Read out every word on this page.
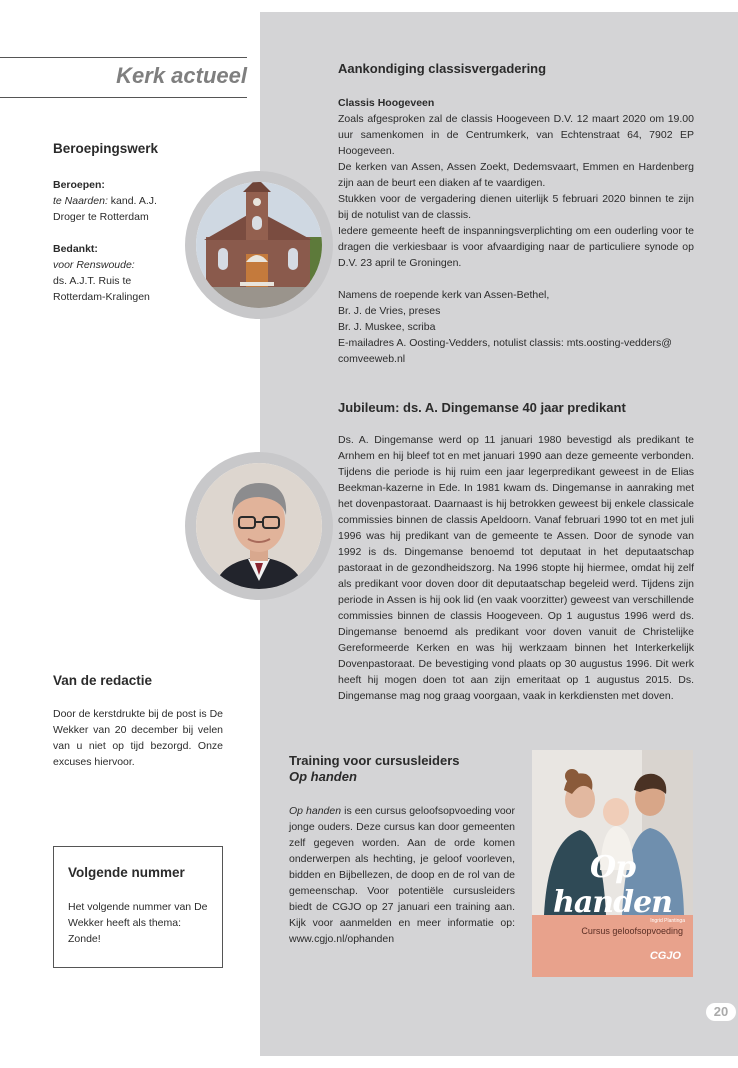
Kerk actueel
Beroepingswerk

Beroepen:

te Naarden: kand. A.J. Droger te Rotterdam

Bedankt:

voor Renswoude:

ds. A.J.T. Ruis te Rotterdam-Kralingen

Aankondiging classisvergadering

Classis Hoogeveen

Zoals afgesproken zal de classis Hoogeveen D.V. 12 maart 2020 om 19.00 uur samenkomen in de Centrumkerk, van Echtenstraat 64, 7902 EP Hoogeveen.

De kerken van Assen, Assen Zoekt, Dedemsvaart, Emmen en Hardenberg zijn aan de beurt een diaken af te vaardigen.

Stukken voor de vergadering dienen uiterlijk 5 februari 2020 binnen te zijn bij de notulist van de classis.

Iedere gemeente heeft de inspanningsverplichting om een ouderling voor te dragen die verkiesbaar is voor afvaardiging naar de particuliere synode op D.V. 23 april te Groningen.

Namens de roepende kerk van Assen-Bethel,

Br. J. de Vries, preses

Br. J. Muskee, scriba

E-mailadres A. Oosting-Vedders, notulist classis: mts.oosting-vedders@

comveeweb.nl

Jubileum: ds. A. Dingemanse 40 jaar predikant
Ds. A. Dingemanse werd op 11 januari 1980 bevestigd als predikant te Arnhem en hij bleef tot en met januari 1990 aan deze gemeente verbonden. Tijdens die periode is hij ruim een jaar legerpredikant geweest in de Elias Beekman-kazerne in Ede. In 1981 kwam ds. Dingemanse in aanraking met het dovenpastoraat. Daarnaast is hij betrokken geweest bij enkele classicale commissies binnen de classis Apeldoorn. Vanaf februari 1990 tot en met juli 1996 was hij predikant van de gemeente te Assen. Door de synode van 1992 is ds. Dingemanse benoemd tot deputaat in het deputaatschap pastoraat in de gezondheidszorg. Na 1996 stopte hij hiermee, omdat hij zelf als predikant voor doven door dit deputaatschap begeleid werd. Tijdens zijn periode in Assen is hij ook lid (en vaak voorzitter) geweest van verschillende commissies binnen de classis Hoogeveen. Op 1 augustus 1996 werd ds. Dingemanse benoemd als predikant voor doven vanuit de Christelijke Gereformeerde Kerken en was hij werkzaam binnen het Interkerkelijk Dovenpastoraat. De bevestiging vond plaats op 30 augustus 1996. Dit werk heeft hij mogen doen tot aan zijn emeritaat op 1 augustus 2015. Ds. Dingemanse mag nog graag voorgaan, vaak in kerkdiensten met doven.
Van de redactie
Door de kerstdrukte bij de post is De Wekker van 20 december bij velen van u niet op tijd bezorgd. Onze excuses hiervoor.	Training voor cursusleiders
Op handen
Op handen is een cursus geloofsopvoeding voor jonge ouders. Deze cursus kan door gemeenten zelf gegeven worden. Aan de orde komen onderwerpen als hechting, je geloof voorleven, bidden en Bijbellezen, de doop en de rol van de gemeenschap. Voor potentiële cursusleiders biedt de CGJO op 27 januari een training aan. Kijk voor aanmelden en meer informatie op: www.cgjo.nl/ophanden
Op handen
Ingrid Plantinga
Cursus geloofsopvoeding
CGJO
Volgende nummer
Het volgende nummer van De Wekker heeft als thema: Zonde!
20
